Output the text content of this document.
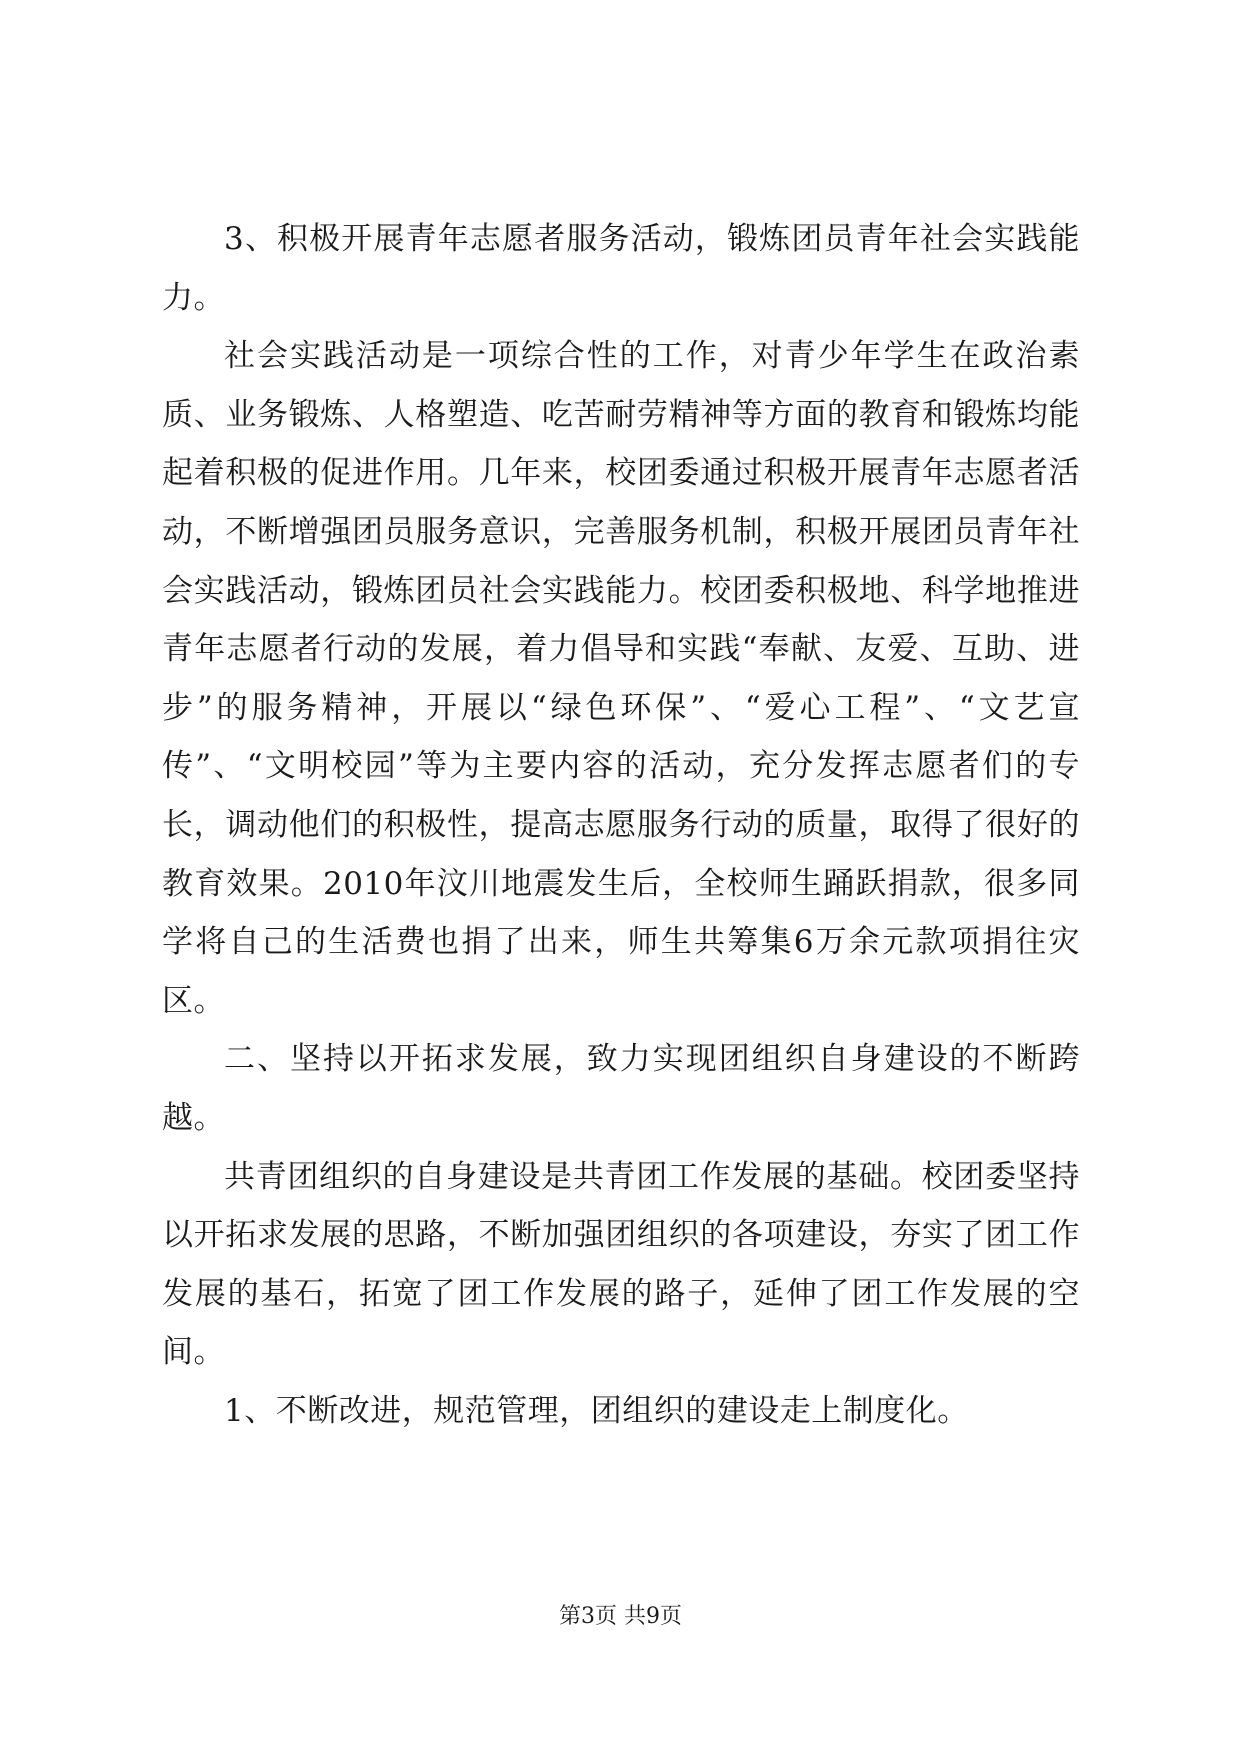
3、积极开展青年志愿者服务活动，锻炼团员青年社会实践能力。

社会实践活动是一项综合性的工作，对青少年学生在政治素质、业务锻炼、人格塑造、吃苦耐劳精神等方面的教育和锻炼均能起着积极的促进作用。几年来，校团委通过积极开展青年志愿者活动，不断增强团员服务意识，完善服务机制，积极开展团员青年社会实践活动，锻炼团员社会实践能力。校团委积极地、科学地推进青年志愿者行动的发展，着力倡导和实践“奉献、友爱、互助、进步”的服务精神，开展以“绿色环保”、“爱心工程”、“文艺宣传”、“文明校园”等为主要内容的活动，充分发挥志愿者们的专长，调动他们的积极性，提高志愿服务行动的质量，取得了很好的教育效果。2010年汶川地震发生后，全校师生踊跃捐款，很多同学将自己的生活费也捐了出来，师生共筹集6万余元款项捐往灾区。

二、坚持以开拓求发展，致力实现团组织自身建设的不断跨越。

共青团组织的自身建设是共青团工作发展的基础。校团委坚持以开拓求发展的思路，不断加强团组织的各项建设，夯实了团工作发展的基石，拓宽了团工作发展的路子，延伸了团工作发展的空间。

1、不断改进，规范管理，团组织的建设走上制度化。

第3页 共9页
